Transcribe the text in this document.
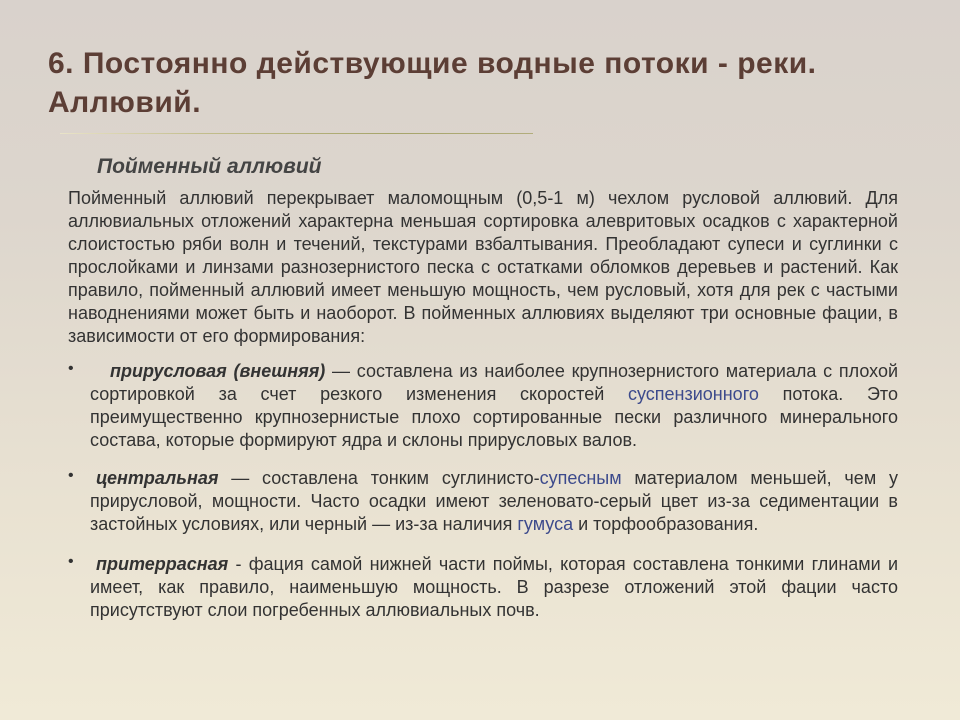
6. Постоянно действующие водные потоки - реки. Аллювий.
Пойменный аллювий

Пойменный аллювий перекрывает маломощным (0,5-1 м) чехлом русловой аллювий. Для аллювиальных отложений характерна меньшая сортировка алевритовых осадков с характерной слоистостью ряби волн и течений, текстурами взбалтывания. Преобладают супеси и суглинки с прослойками и линзами разнозернистого песка с остатками обломков деревьев и растений. Как правило, пойменный аллювий имеет меньшую мощность, чем русловый, хотя для рек с частыми наводнениями может быть и наоборот. В пойменных аллювиях выделяют три основные фации, в зависимости от его формирования:

• прирусловая (внешняя) — составлена из наиболее крупнозернистого материала с плохой сортировкой за счет резкого изменения скоростей суспензионного потока. Это преимущественно крупнозернистые плохо сортированные пески различного минерального состава, которые формируют ядра и склоны прирусловых валов.
• центральная — составлена тонким суглинисто-супесным материалом меньшей, чем у прирусловой, мощности. Часто осадки имеют зеленовато-серый цвет из-за седиментации в застойных условиях, или черный — из-за наличия гумуса и торфообразования.
• притеррасная - фация самой нижней части поймы, которая составлена тонкими глинами и имеет, как правило, наименьшую мощность. В разрезе отложений этой фации часто присутствуют слои погребенных аллювиальных почв.
